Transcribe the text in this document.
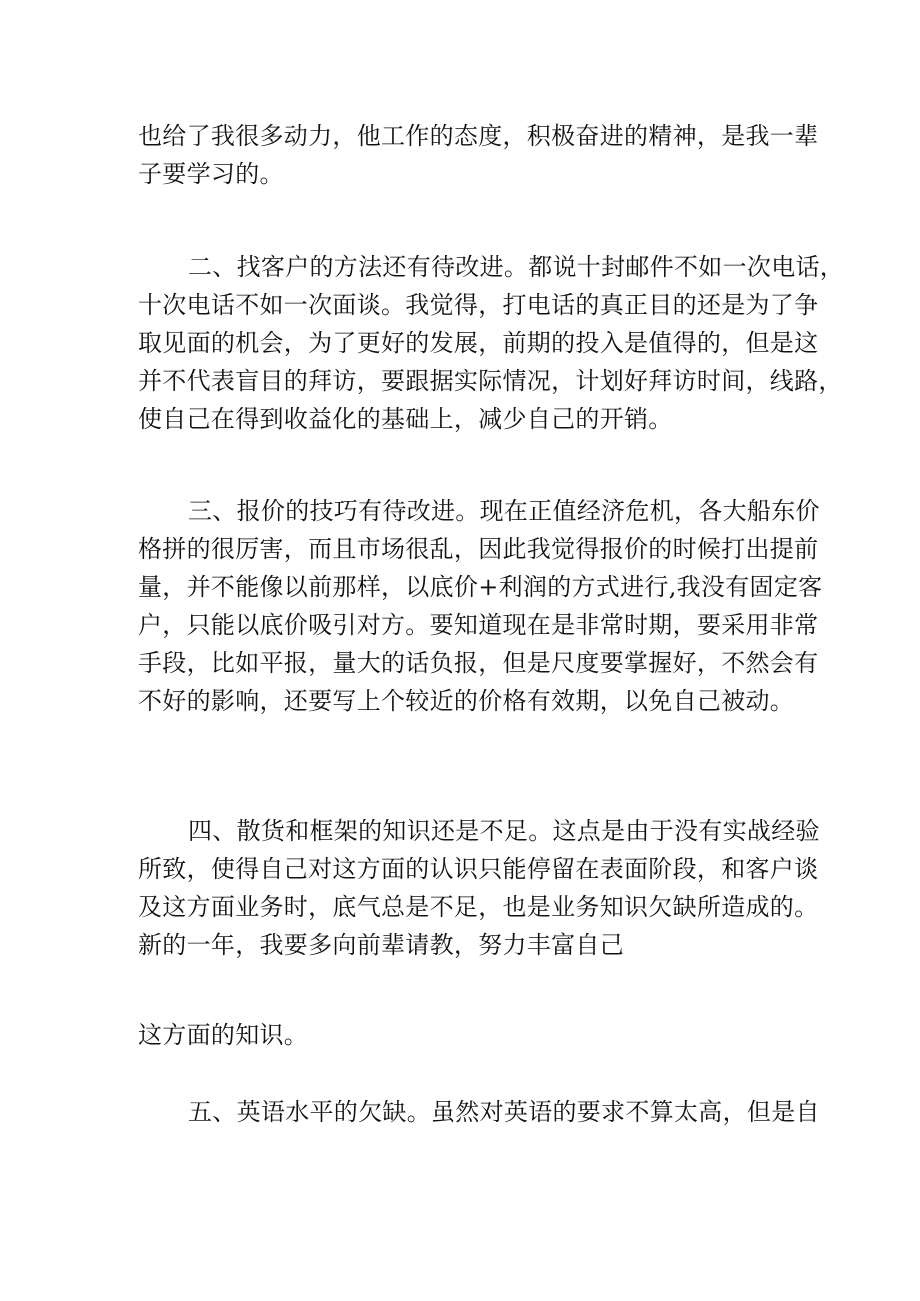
也给了我很多动力，他工作的态度，积极奋进的精神，是我一辈
子要学习的。
二、找客户的方法还有待改进。都说十封邮件不如一次电话，
十次电话不如一次面谈。我觉得，打电话的真正目的还是为了争
取见面的机会，为了更好的发展，前期的投入是值得的，但是这
并不代表盲目的拜访，要跟据实际情况，计划好拜访时间，线路，
使自己在得到收益化的基础上，减少自己的开销。
三、报价的技巧有待改进。现在正值经济危机，各大船东价
格拼的很厉害，而且市场很乱，因此我觉得报价的时候打出提前
量，并不能像以前那样，以底价+利润的方式进行,我没有固定客
户，只能以底价吸引对方。要知道现在是非常时期，要采用非常
手段，比如平报，量大的话负报，但是尺度要掌握好，不然会有
不好的影响，还要写上个较近的价格有效期，以免自己被动。
四、散货和框架的知识还是不足。这点是由于没有实战经验
所致，使得自己对这方面的认识只能停留在表面阶段，和客户谈
及这方面业务时，底气总是不足，也是业务知识欠缺所造成的。
新的一年，我要多向前辈请教，努力丰富自己
这方面的知识。
五、英语水平的欠缺。虽然对英语的要求不算太高，但是自
